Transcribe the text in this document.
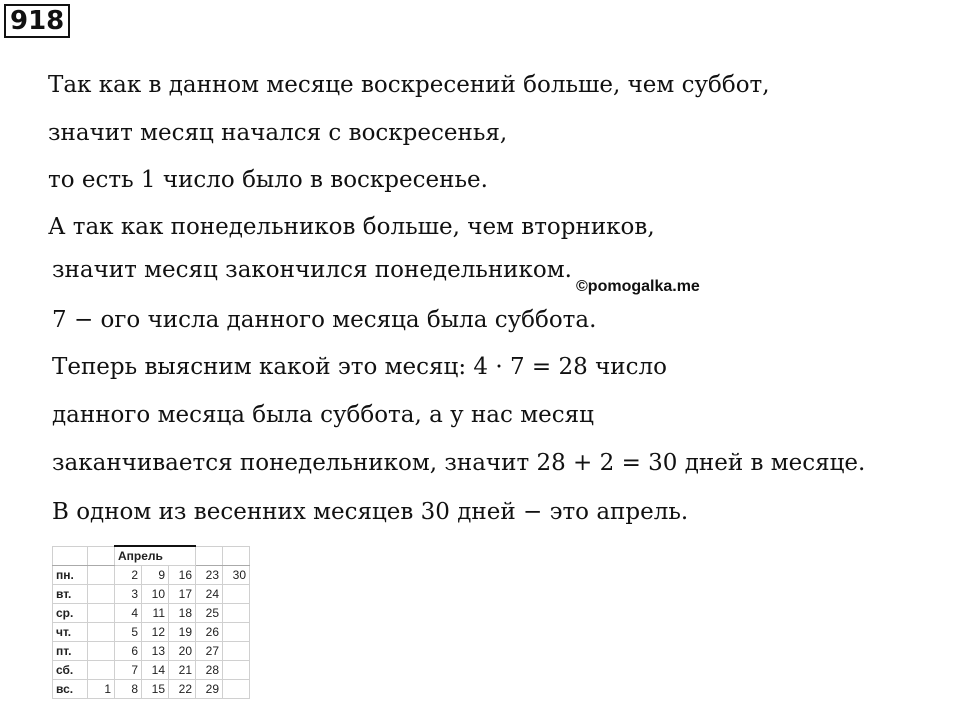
918
Так как в данном месяце воскресений больше, чем суббот,
значит месяц начался с воскресенья,
то есть 1 число было в воскресенье.
А так как понедельников больше, чем вторников,
значит месяц закончился понедельником.
7 − ого числа данного месяца была суббота.
Теперь выясним какой это месяц: 4 · 7 = 28 число
данного месяца была суббота, а у нас месяц
заканчивается понедельником, значит 28 + 2 = 30 дней в месяце.
В одном из весенних месяцев 30 дней − это апрель.
©pomogalka.me
		Апрель				
пн.		2	9	16	23	30
вт.		3	10	17	24	
ср.		4	11	18	25	
чт.		5	12	19	26	
пт.		6	13	20	27	
сб.		7	14	21	28	
вс.	1	8	15	22	29	
